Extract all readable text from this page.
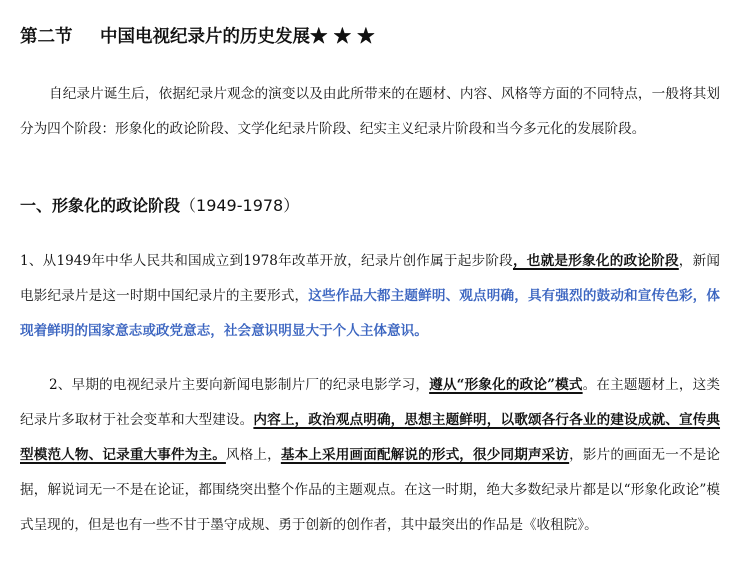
第二节 中国电视纪录片的历史发展★ ★ ★
自纪录片诞生后，依据纪录片观念的演变以及由此所带来的在题材、内容、风格等方面的不同特点，一般将其划分为四个阶段：形象化的政论阶段、文学化纪录片阶段、纪实主义纪录片阶段和当今多元化的发展阶段。
一、形象化的政论阶段（1949-1978）
1、从1949年中华人民共和国成立到1978年改革开放，纪录片创作属于起步阶段，也就是形象化的政论阶段，新闻电影纪录片是这一时期中国纪录片的主要形式，这些作品大都主题鲜明、观点明确，具有强烈的鼓动和宣传色彩，体现着鲜明的国家意志或政党意志，社会意识明显大于个人主体意识。
2、早期的电视纪录片主要向新闻电影制片厂的纪录电影学习，遵从“形象化的政论”模式。在主题题材上，这类纪录片多取材于社会变革和大型建设。内容上，政治观点明确，思想主题鲜明，以歌颂各行各业的建设成就、宣传典型模范人物、记录重大事件为主。风格上，基本上采用画面配解说的形式，很少同期声采访，影片的画面无一不是论据，解说词无一不是在论证，都围绕突出整个作品的主题观点。在这一时期，绝大多数纪录片都是以“形象化政论”模式呈现的，但是也有一些不甘于墨守成规、勇于创新的创作者，其中最突出的作品是《收租院》。
